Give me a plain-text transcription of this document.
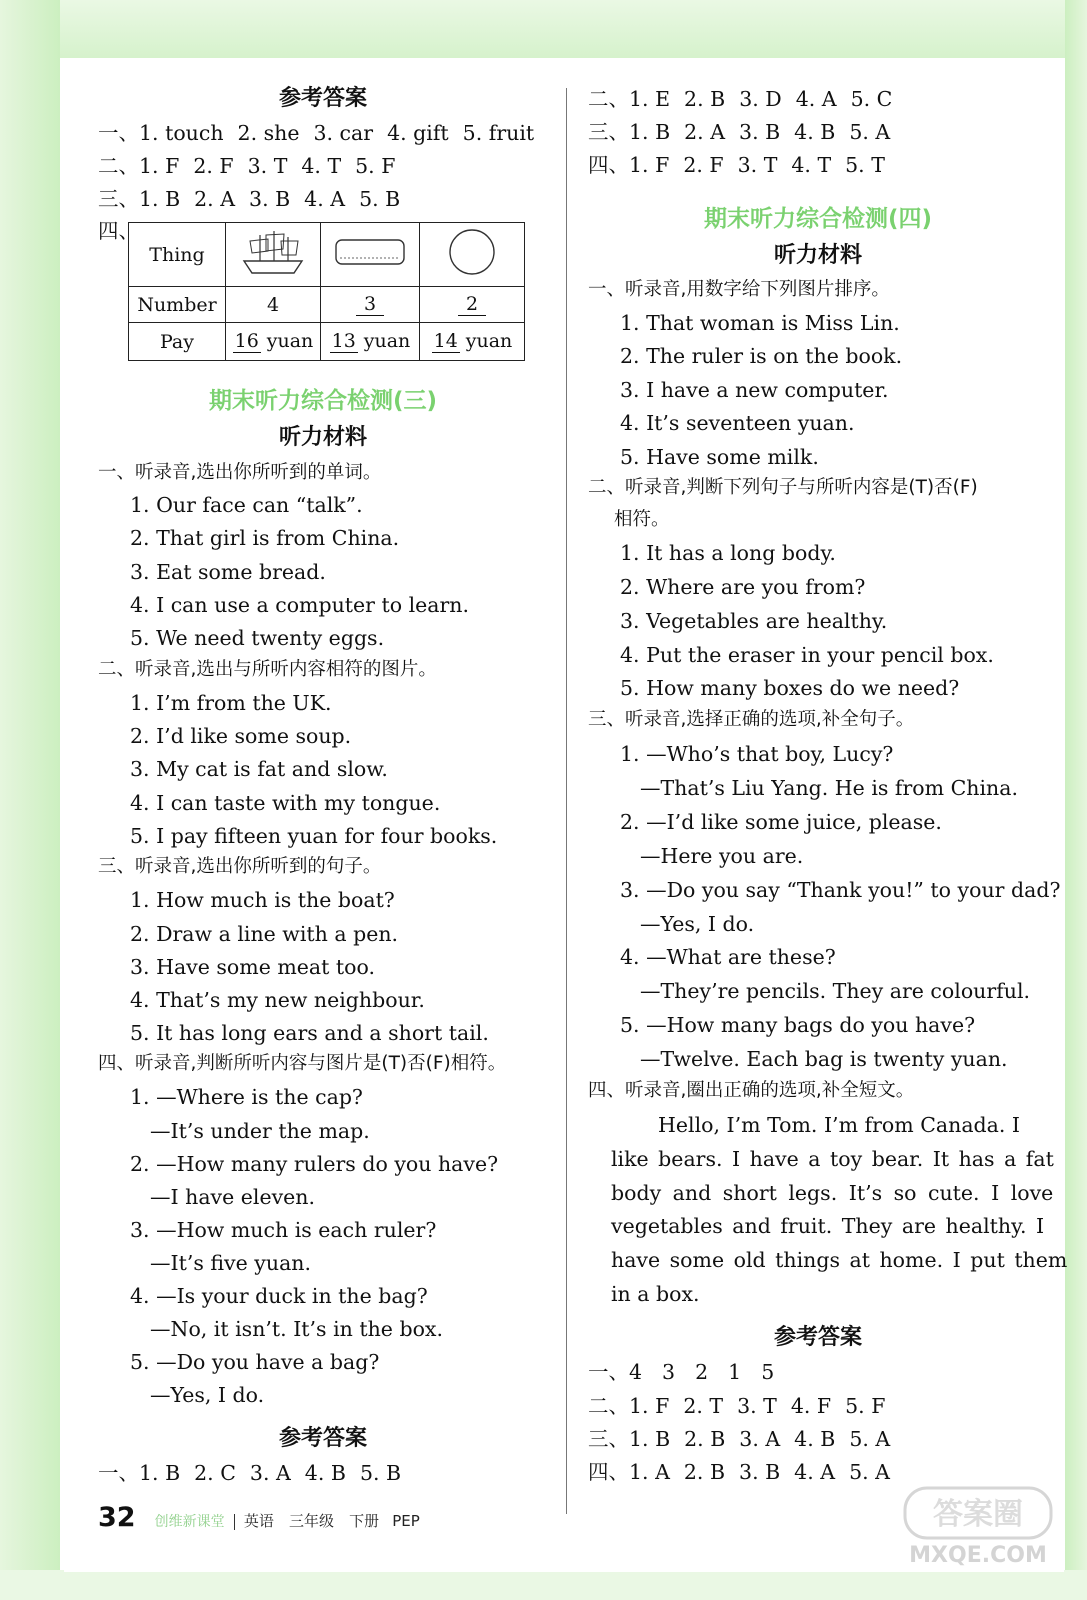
参考答案
一、1. touch 2. she 3. car 4. gift 5. fruit
二、1. F 2. F 3. T 4. T 5. F
三、1. B 2. A 3. B 4. A 5. B
四、
Thing			
Number	4	3	2
Pay	16 yuan	13 yuan	14 yuan
期末听力综合检测(三)
听力材料
一、听录音,选出你所听到的单词。
1. Our face can “talk”.
2. That girl is from China.
3. Eat some bread.
4. I can use a computer to learn.
5. We need twenty eggs.
二、听录音,选出与所听内容相符的图片。
1. I’m from the UK.
2. I’d like some soup.
3. My cat is fat and slow.
4. I can taste with my tongue.
5. I pay fifteen yuan for four books.
三、听录音,选出你所听到的句子。
1. How much is the boat?
2. Draw a line with a pen.
3. Have some meat too.
4. That’s my new neighbour.
5. It has long ears and a short tail.
四、听录音,判断所听内容与图片是(T)否(F)相符。
1. —Where is the cap?
—It’s under the map.
2. —How many rulers do you have?
—I have eleven.
3. —How much is each ruler?
—It’s five yuan.
4. —Is your duck in the bag?
—No, it isn’t. It’s in the box.
5. —Do you have a bag?
—Yes, I do.
参考答案
一、1. B 2. C 3. A 4. B 5. B
二、1. E 2. B 3. D 4. A 5. C
三、1. B 2. A 3. B 4. B 5. A
四、1. F 2. F 3. T 4. T 5. T
期末听力综合检测(四)
听力材料
一、听录音,用数字给下列图片排序。
1. That woman is Miss Lin.
2. The ruler is on the book.
3. I have a new computer.
4. It’s seventeen yuan.
5. Have some milk.
二、听录音,判断下列句子与所听内容是(T)否(F)
相符。
1. It has a long body.
2. Where are you from?
3. Vegetables are healthy.
4. Put the eraser in your pencil box.
5. How many boxes do we need?
三、听录音,选择正确的选项,补全句子。
1. —Who’s that boy, Lucy?
—That’s Liu Yang. He is from China.
2. —I’d like some juice, please.
—Here you are.
3. —Do you say “Thank you!” to your dad?
—Yes, I do.
4. —What are these?
—They’re pencils. They are colourful.
5. —How many bags do you have?
—Twelve. Each bag is twenty yuan.
四、听录音,圈出正确的选项,补全短文。
Hello, I’m Tom. I’m from Canada. I
like bears. I have a toy bear. It has a fat
body and short legs. It’s so cute. I love
vegetables and fruit. They are healthy. I
have some old things at home. I put them
in a box.
参考答案
一、4 3 2 1 5
二、1. F 2. T 3. T 4. F 5. F
三、1. B 2. B 3. A 4. B 5. A
四、1. A 2. B 3. B 4. A 5. A
32 创维新课堂 英语 三年级 下册 PEP	答案圈
MXQE.COM
